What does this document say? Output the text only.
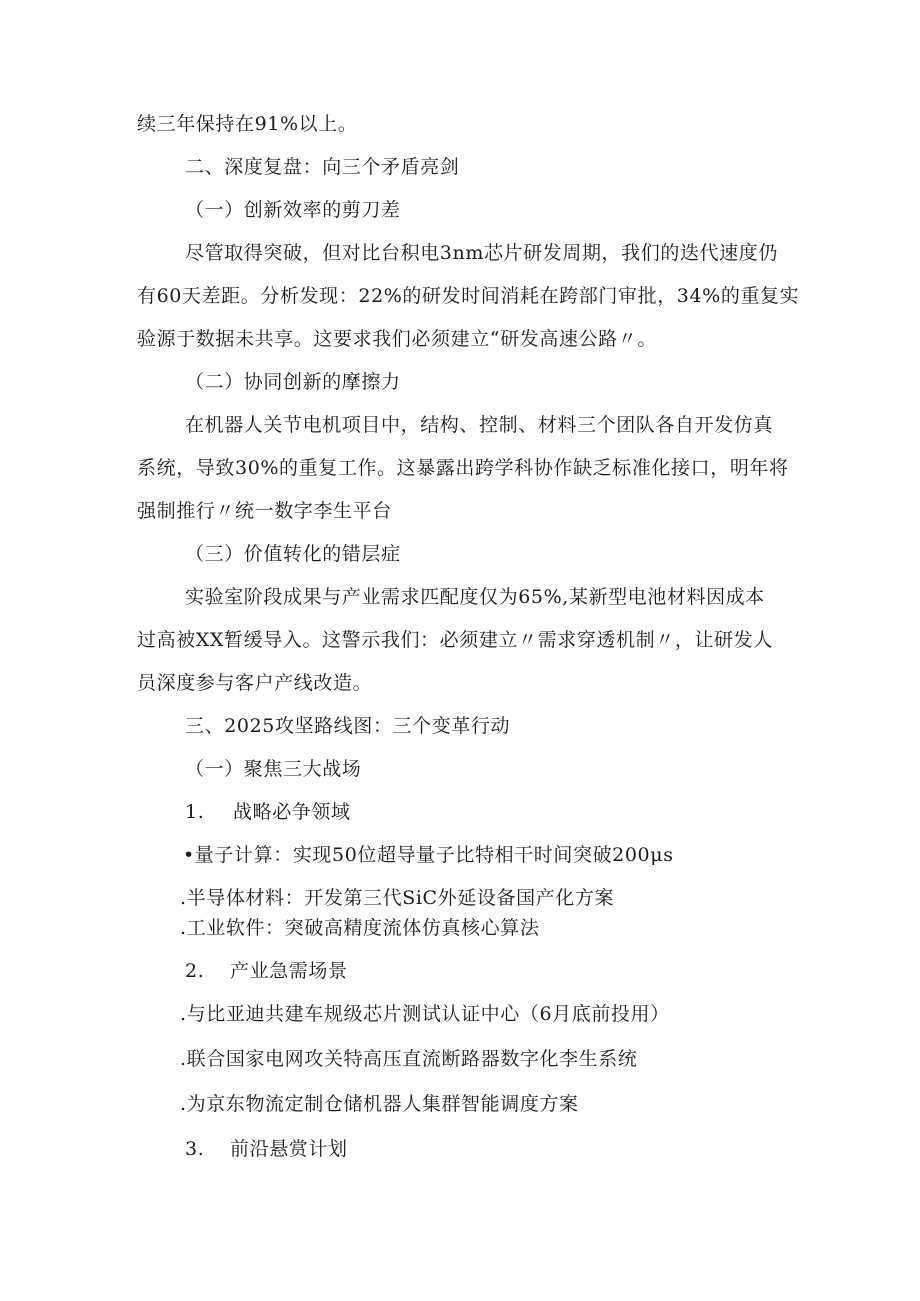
续三年保持在91%以上。
二、深度复盘：向三个矛盾亮剑
（一）创新效率的剪刀差
尽管取得突破，但对比台积电3nm芯片研发周期，我们的迭代速度仍
有60天差距。分析发现：22%的研发时间消耗在跨部门审批，34%的重复实
验源于数据未共享。这要求我们必须建立“研发高速公路〃。
（二）协同创新的摩擦力
在机器人关节电机项目中，结构、控制、材料三个团队各自开发仿真
系统，导致30%的重复工作。这暴露出跨学科协作缺乏标准化接口，明年将
强制推行〃统一数字李生平台
（三）价值转化的错层症
实验室阶段成果与产业需求匹配度仅为65%,某新型电池材料因成本
过高被XX暂缓导入。这警示我们：必须建立〃需求穿透机制〃，让研发人
员深度参与客户产线改造。
三、2025攻坚路线图：三个变革行动
（一）聚焦三大战场
1. 战略必争领域
•量子计算：实现50位超导量子比特相干时间突破200μs
.半导体材料：开发第三代SiC外延设备国产化方案
.工业软件：突破高精度流体仿真核心算法
2. 产业急需场景
.与比亚迪共建车规级芯片测试认证中心（6月底前投用）
.联合国家电网攻关特高压直流断路器数字化李生系统
.为京东物流定制仓储机器人集群智能调度方案
3. 前沿悬赏计划
